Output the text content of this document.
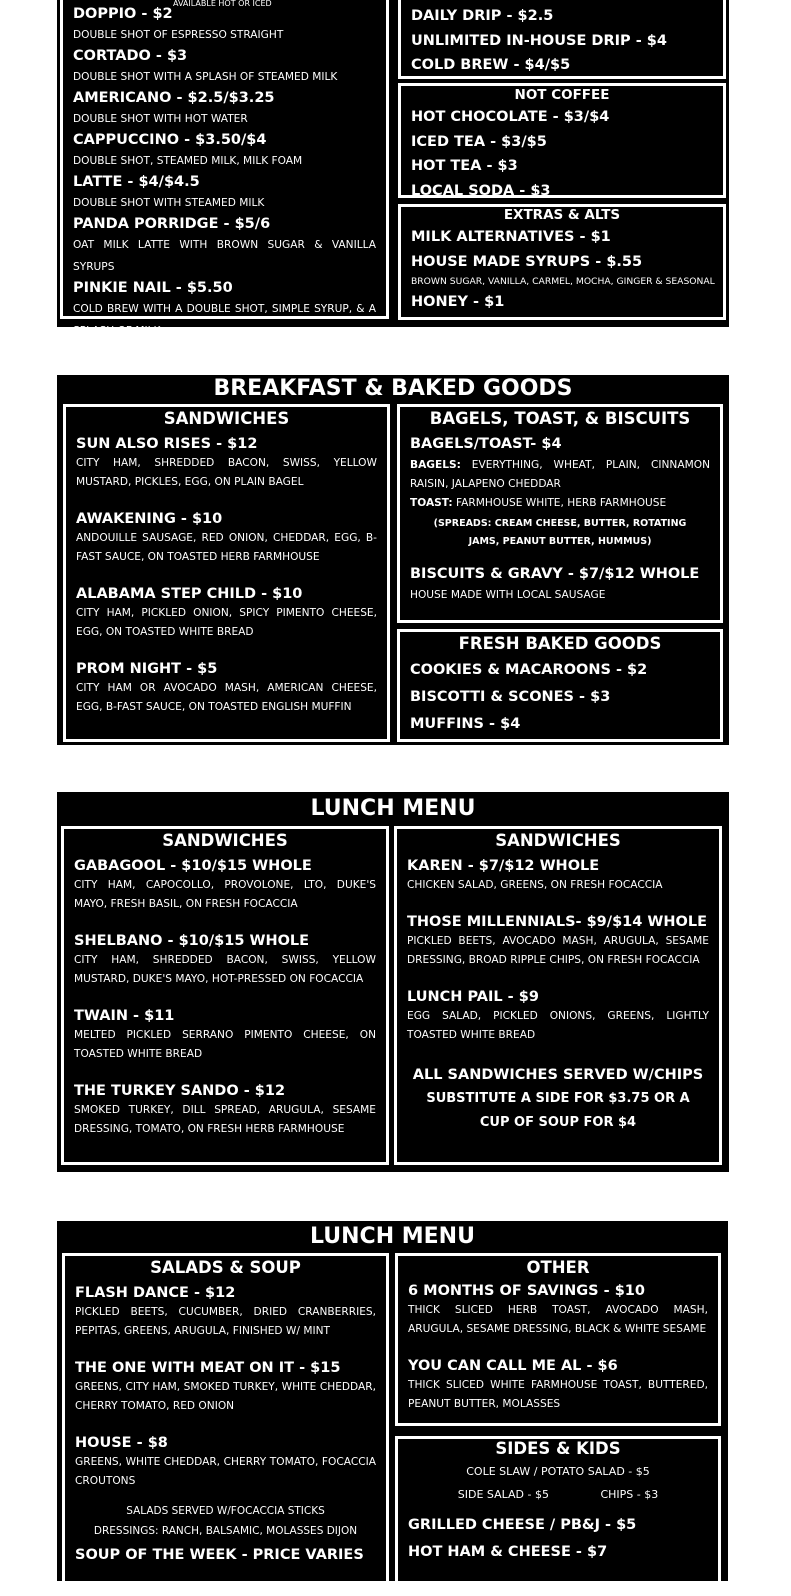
AVAILABLE HOT OR ICED
DOPPIO - $2
DOUBLE SHOT OF ESPRESSO STRAIGHT
CORTADO - $3
DOUBLE SHOT WITH A SPLASH OF STEAMED MILK
AMERICANO - $2.5/$3.25
DOUBLE SHOT WITH HOT WATER
CAPPUCCINO - $3.50/$4
DOUBLE SHOT, STEAMED MILK, MILK FOAM
LATTE - $4/$4.5
DOUBLE SHOT WITH STEAMED MILK
PANDA PORRIDGE - $5/6
OAT MILK LATTE WITH BROWN SUGAR & VANILLA SYRUPS
PINKIE NAIL - $5.50
COLD BREW WITH A DOUBLE SHOT, SIMPLE SYRUP, & A SPLASH OF MILK
DAILY DRIP - $2.5
UNLIMITED IN-HOUSE DRIP - $4
COLD BREW - $4/$5
NOT COFFEE
HOT CHOCOLATE - $3/$4
ICED TEA - $3/$5
HOT TEA - $3
LOCAL SODA - $3
EXTRAS & ALTS
MILK ALTERNATIVES - $1
HOUSE MADE SYRUPS - $.55
BROWN SUGAR, VANILLA, CARMEL, MOCHA, GINGER & SEASONAL
HONEY - $1
BREAKFAST & BAKED GOODS
SANDWICHES
SUN ALSO RISES - $12
CITY HAM, SHREDDED BACON, SWISS, YELLOW MUSTARD, PICKLES, EGG, ON PLAIN BAGEL
AWAKENING - $10
ANDOUILLE SAUSAGE, RED ONION, CHEDDAR, EGG, B-FAST SAUCE, ON TOASTED HERB FARMHOUSE
ALABAMA STEP CHILD - $10
CITY HAM, PICKLED ONION, SPICY PIMENTO CHEESE, EGG, ON TOASTED WHITE BREAD
PROM NIGHT - $5
CITY HAM OR AVOCADO MASH, AMERICAN CHEESE, EGG, B-FAST SAUCE, ON TOASTED ENGLISH MUFFIN
BAGELS, TOAST, & BISCUITS
BAGELS/TOAST- $4
BAGELS: EVERYTHING, WHEAT, PLAIN, CINNAMON RAISIN, JALAPENO CHEDDAR
TOAST: FARMHOUSE WHITE, HERB FARMHOUSE
(SPREADS: CREAM CHEESE, BUTTER, ROTATING JAMS, PEANUT BUTTER, HUMMUS)
BISCUITS & GRAVY - $7/$12 WHOLE
HOUSE MADE WITH LOCAL SAUSAGE
FRESH BAKED GOODS
COOKIES & MACAROONS - $2
BISCOTTI & SCONES - $3
MUFFINS - $4
LUNCH MENU
SANDWICHES
GABAGOOL - $10/$15 WHOLE
CITY HAM, CAPOCOLLO, PROVOLONE, LTO, DUKE'S MAYO, FRESH BASIL, ON FRESH FOCACCIA
SHELBANO - $10/$15 WHOLE
CITY HAM, SHREDDED BACON, SWISS, YELLOW MUSTARD, DUKE'S MAYO, HOT-PRESSED ON FOCACCIA
TWAIN - $11
MELTED PICKLED SERRANO PIMENTO CHEESE, ON TOASTED WHITE BREAD
THE TURKEY SANDO - $12
SMOKED TURKEY, DILL SPREAD, ARUGULA, SESAME DRESSING, TOMATO, ON FRESH HERB FARMHOUSE
SANDWICHES
KAREN - $7/$12 WHOLE
CHICKEN SALAD, GREENS, ON FRESH FOCACCIA
THOSE MILLENNIALS- $9/$14 WHOLE
PICKLED BEETS, AVOCADO MASH, ARUGULA, SESAME DRESSING, BROAD RIPPLE CHIPS, ON FRESH FOCACCIA
LUNCH PAIL - $9
EGG SALAD, PICKLED ONIONS, GREENS, LIGHTLY TOASTED WHITE BREAD
ALL SANDWICHES SERVED W/CHIPS
SUBSTITUTE A SIDE FOR $3.75 OR A CUP OF SOUP FOR $4
LUNCH MENU
SALADS & SOUP
FLASH DANCE - $12
PICKLED BEETS, CUCUMBER, DRIED CRANBERRIES, PEPITAS, GREENS, ARUGULA, FINISHED W/ MINT
THE ONE WITH MEAT ON IT - $15
GREENS, CITY HAM, SMOKED TURKEY, WHITE CHEDDAR, CHERRY TOMATO, RED ONION
HOUSE - $8
GREENS, WHITE CHEDDAR, CHERRY TOMATO, FOCACCIA CROUTONS
SALADS SERVED W/FOCACCIA STICKS
DRESSINGS: RANCH, BALSAMIC, MOLASSES DIJON
SOUP OF THE WEEK - PRICE VARIES
OTHER
6 MONTHS OF SAVINGS - $10
THICK SLICED HERB TOAST, AVOCADO MASH, ARUGULA, SESAME DRESSING, BLACK & WHITE SESAME
YOU CAN CALL ME AL - $6
THICK SLICED WHITE FARMHOUSE TOAST, BUTTERED, PEANUT BUTTER, MOLASSES
SIDES & KIDS
COLE SLAW / POTATO SALAD - $5
SIDE SALAD - $5	CHIPS - $3
GRILLED CHEESE / PB&J - $5
HOT HAM & CHEESE - $7
